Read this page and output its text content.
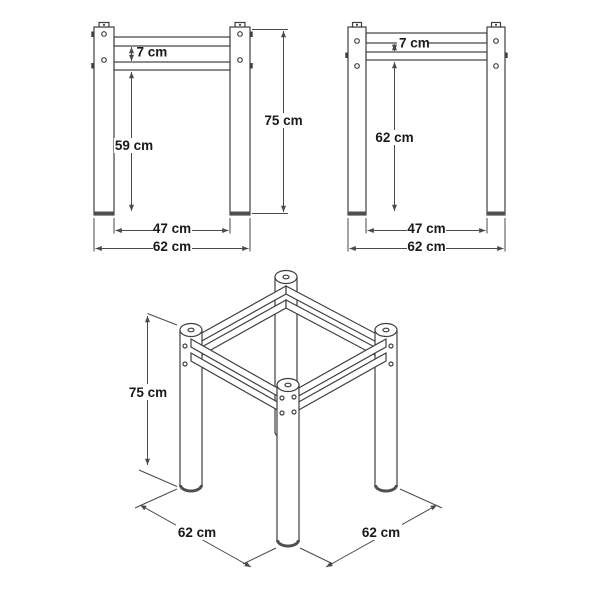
7 cm
59 cm
75 cm
47 cm
62 cm
7 cm
62 cm
47 cm
62 cm
75 cm
62 cm	62 cm
